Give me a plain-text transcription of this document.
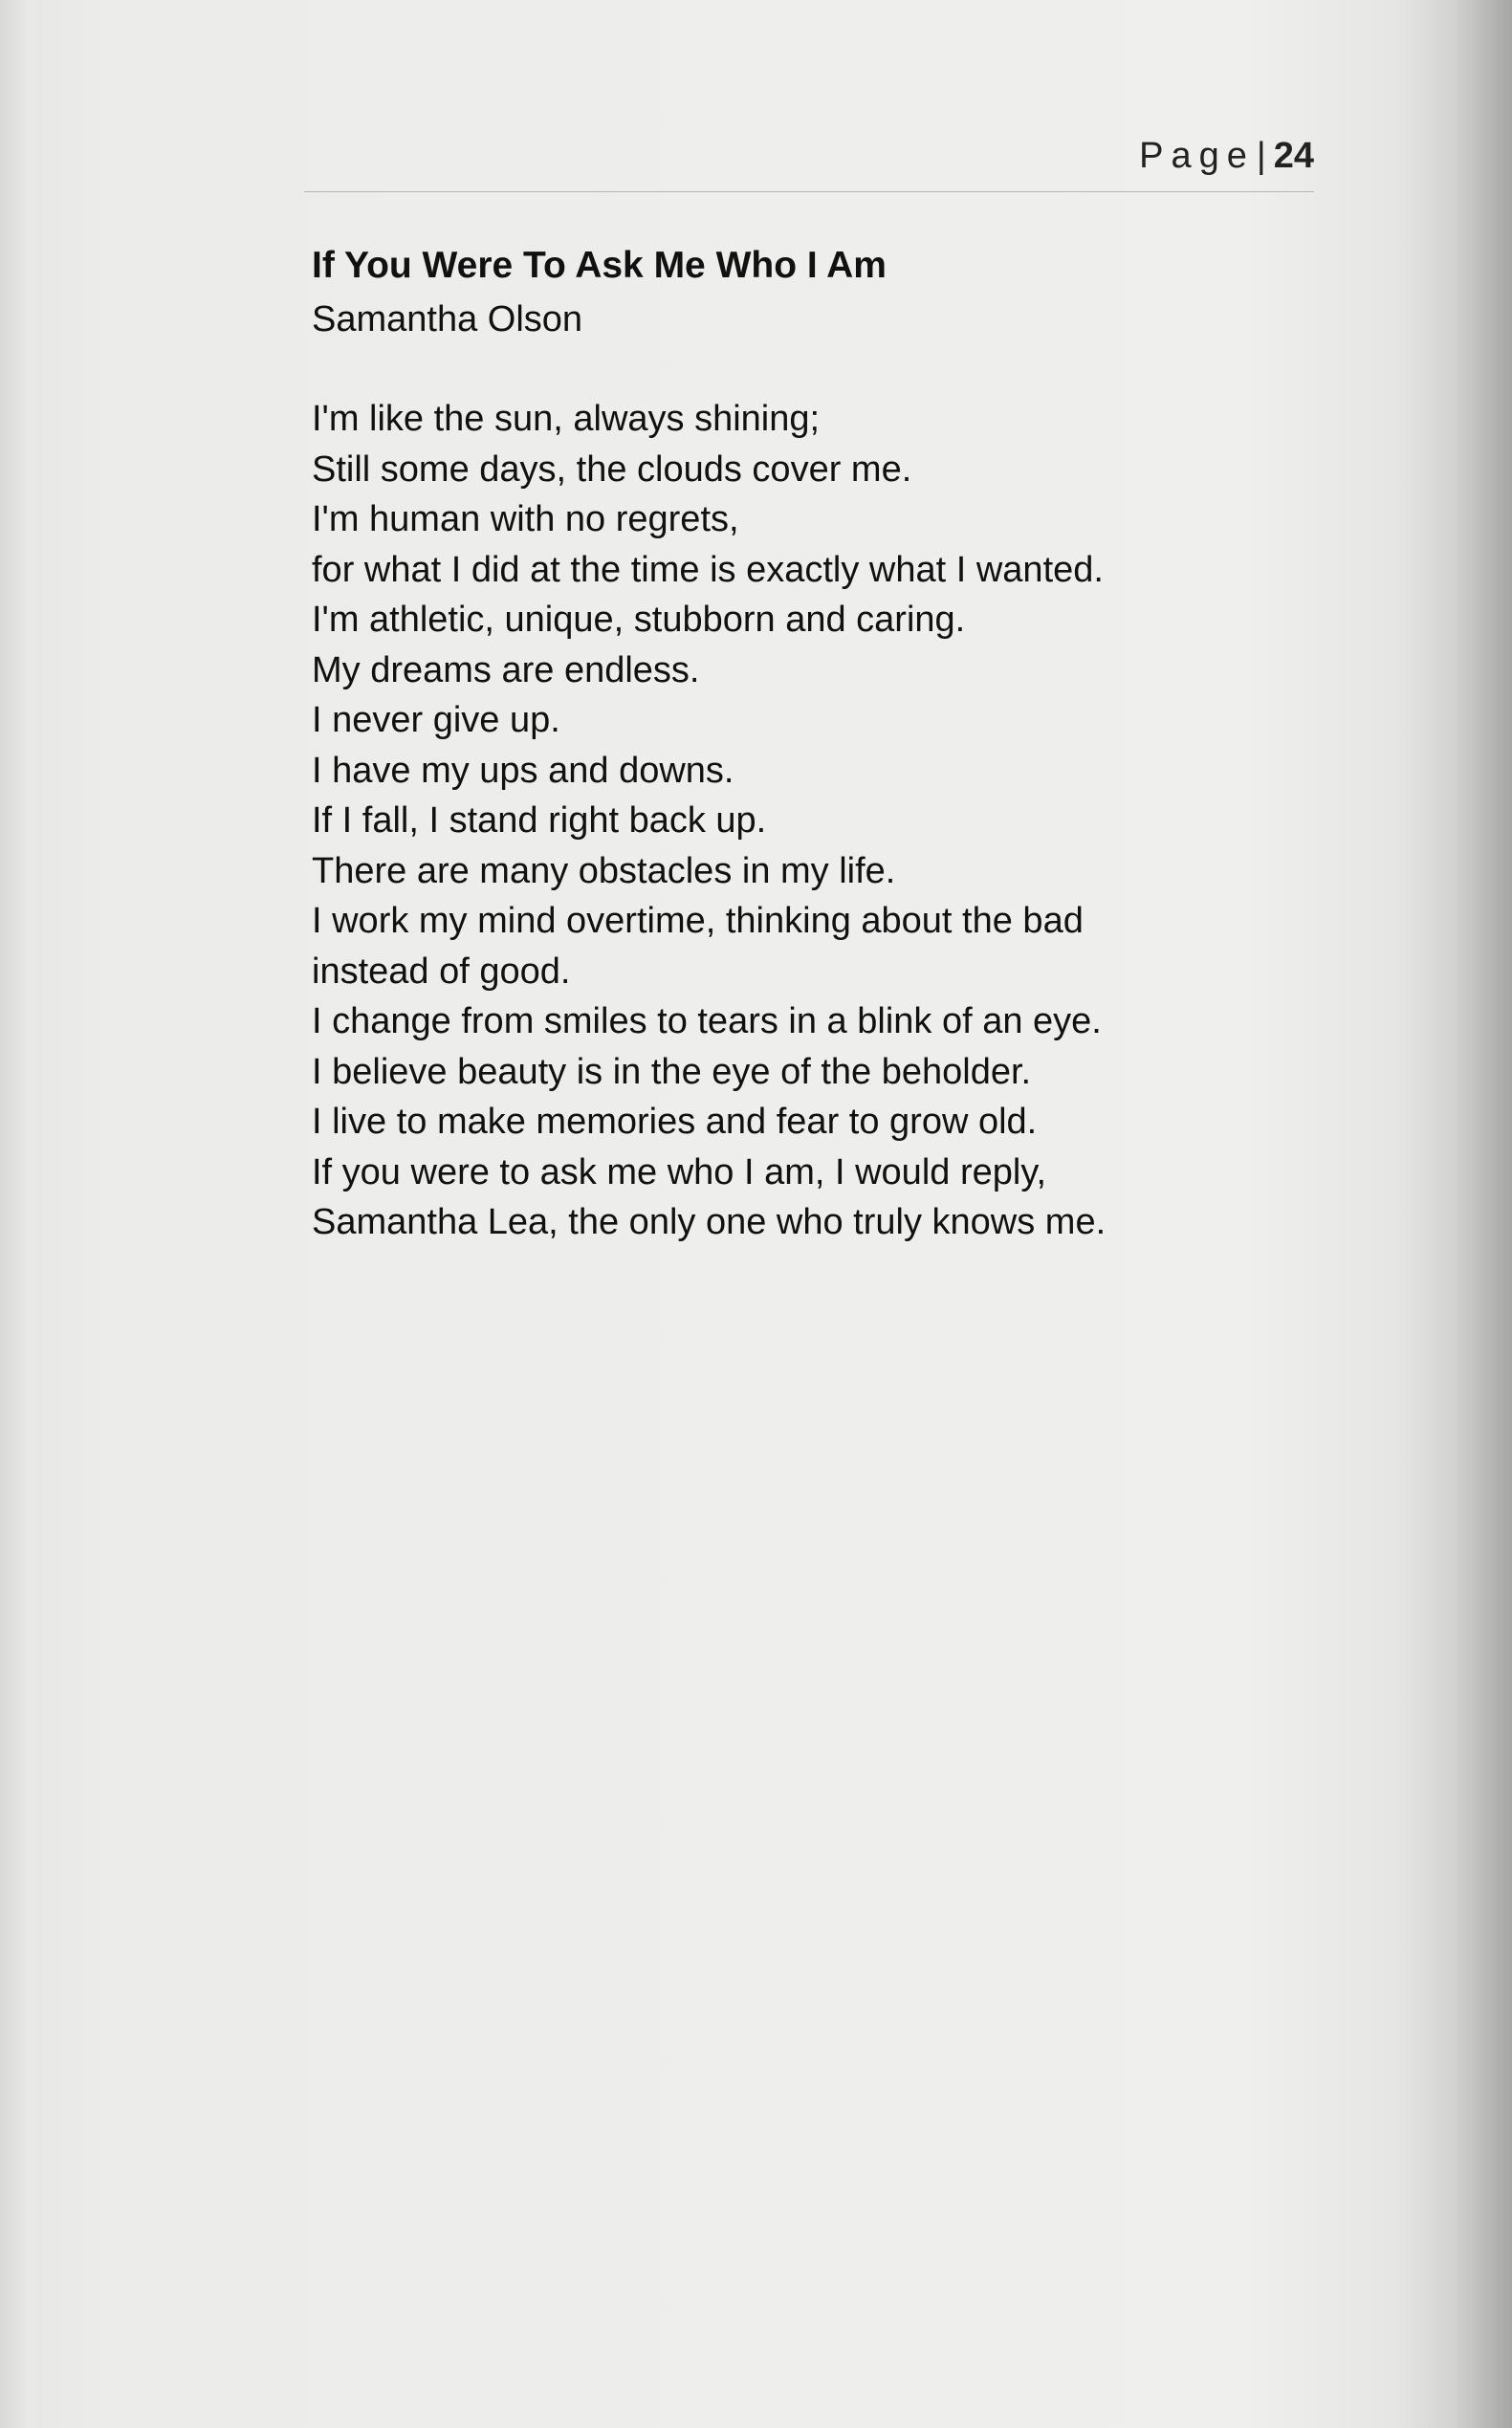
Page| 24

If You Were To Ask Me Who I Am

Samantha Olson

I'm like the sun, always shining;

Still some days, the clouds cover me.

I'm human with no regrets,

for what I did at the time is exactly what I wanted.

I'm athletic, unique, stubborn and caring.

My dreams are endless.

I never give up.

I have my ups and downs.

If I fall, I stand right back up.

There are many obstacles in my life.

I work my mind overtime, thinking about the bad

instead of good.

I change from smiles to tears in a blink of an eye.

I believe beauty is in the eye of the beholder.

I live to make memories and fear to grow old.

If you were to ask me who I am, I would reply,

Samantha Lea, the only one who truly knows me.
